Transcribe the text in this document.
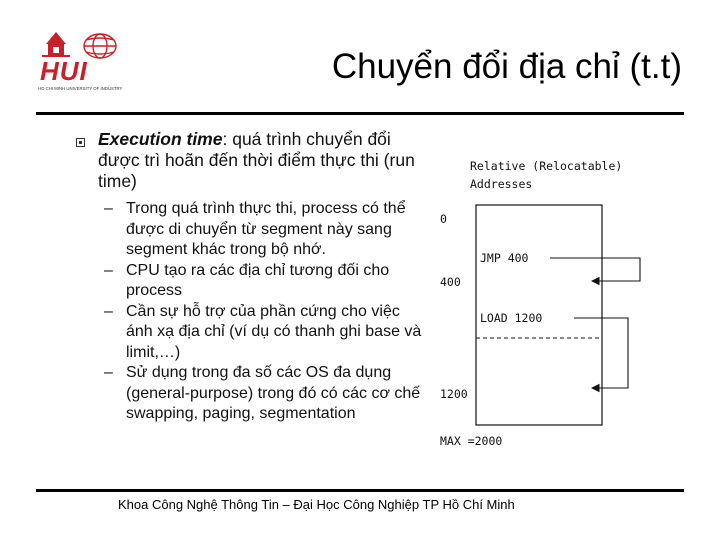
HUI
HO CHI MINH UNIVERSITY OF INDUSTRY
Chuyển đổi địa chỉ (t.t)
Execution time: quá trình chuyển đổi được trì hoãn đến thời điểm thực thi (run time)
– Trong quá trình thực thi, process có thể được di chuyển từ segment này sang segment khác trong bộ nhớ.
– CPU tạo ra các địa chỉ tương đối cho process
– Cần sự hỗ trợ của phần cứng cho việc ánh xạ địa chỉ (ví dụ có thanh ghi base và limit,…)
– Sử dụng trong đa số các OS đa dụng (general-purpose) trong đó có các cơ chế swapping, paging, segmentation
Relative (Relocatable)
Addresses
0
JMP 400
400
LOAD 1200
1200
MAX =2000
Khoa Công Nghệ Thông Tin – Đại Học Công Nghiệp TP Hồ Chí Minh
